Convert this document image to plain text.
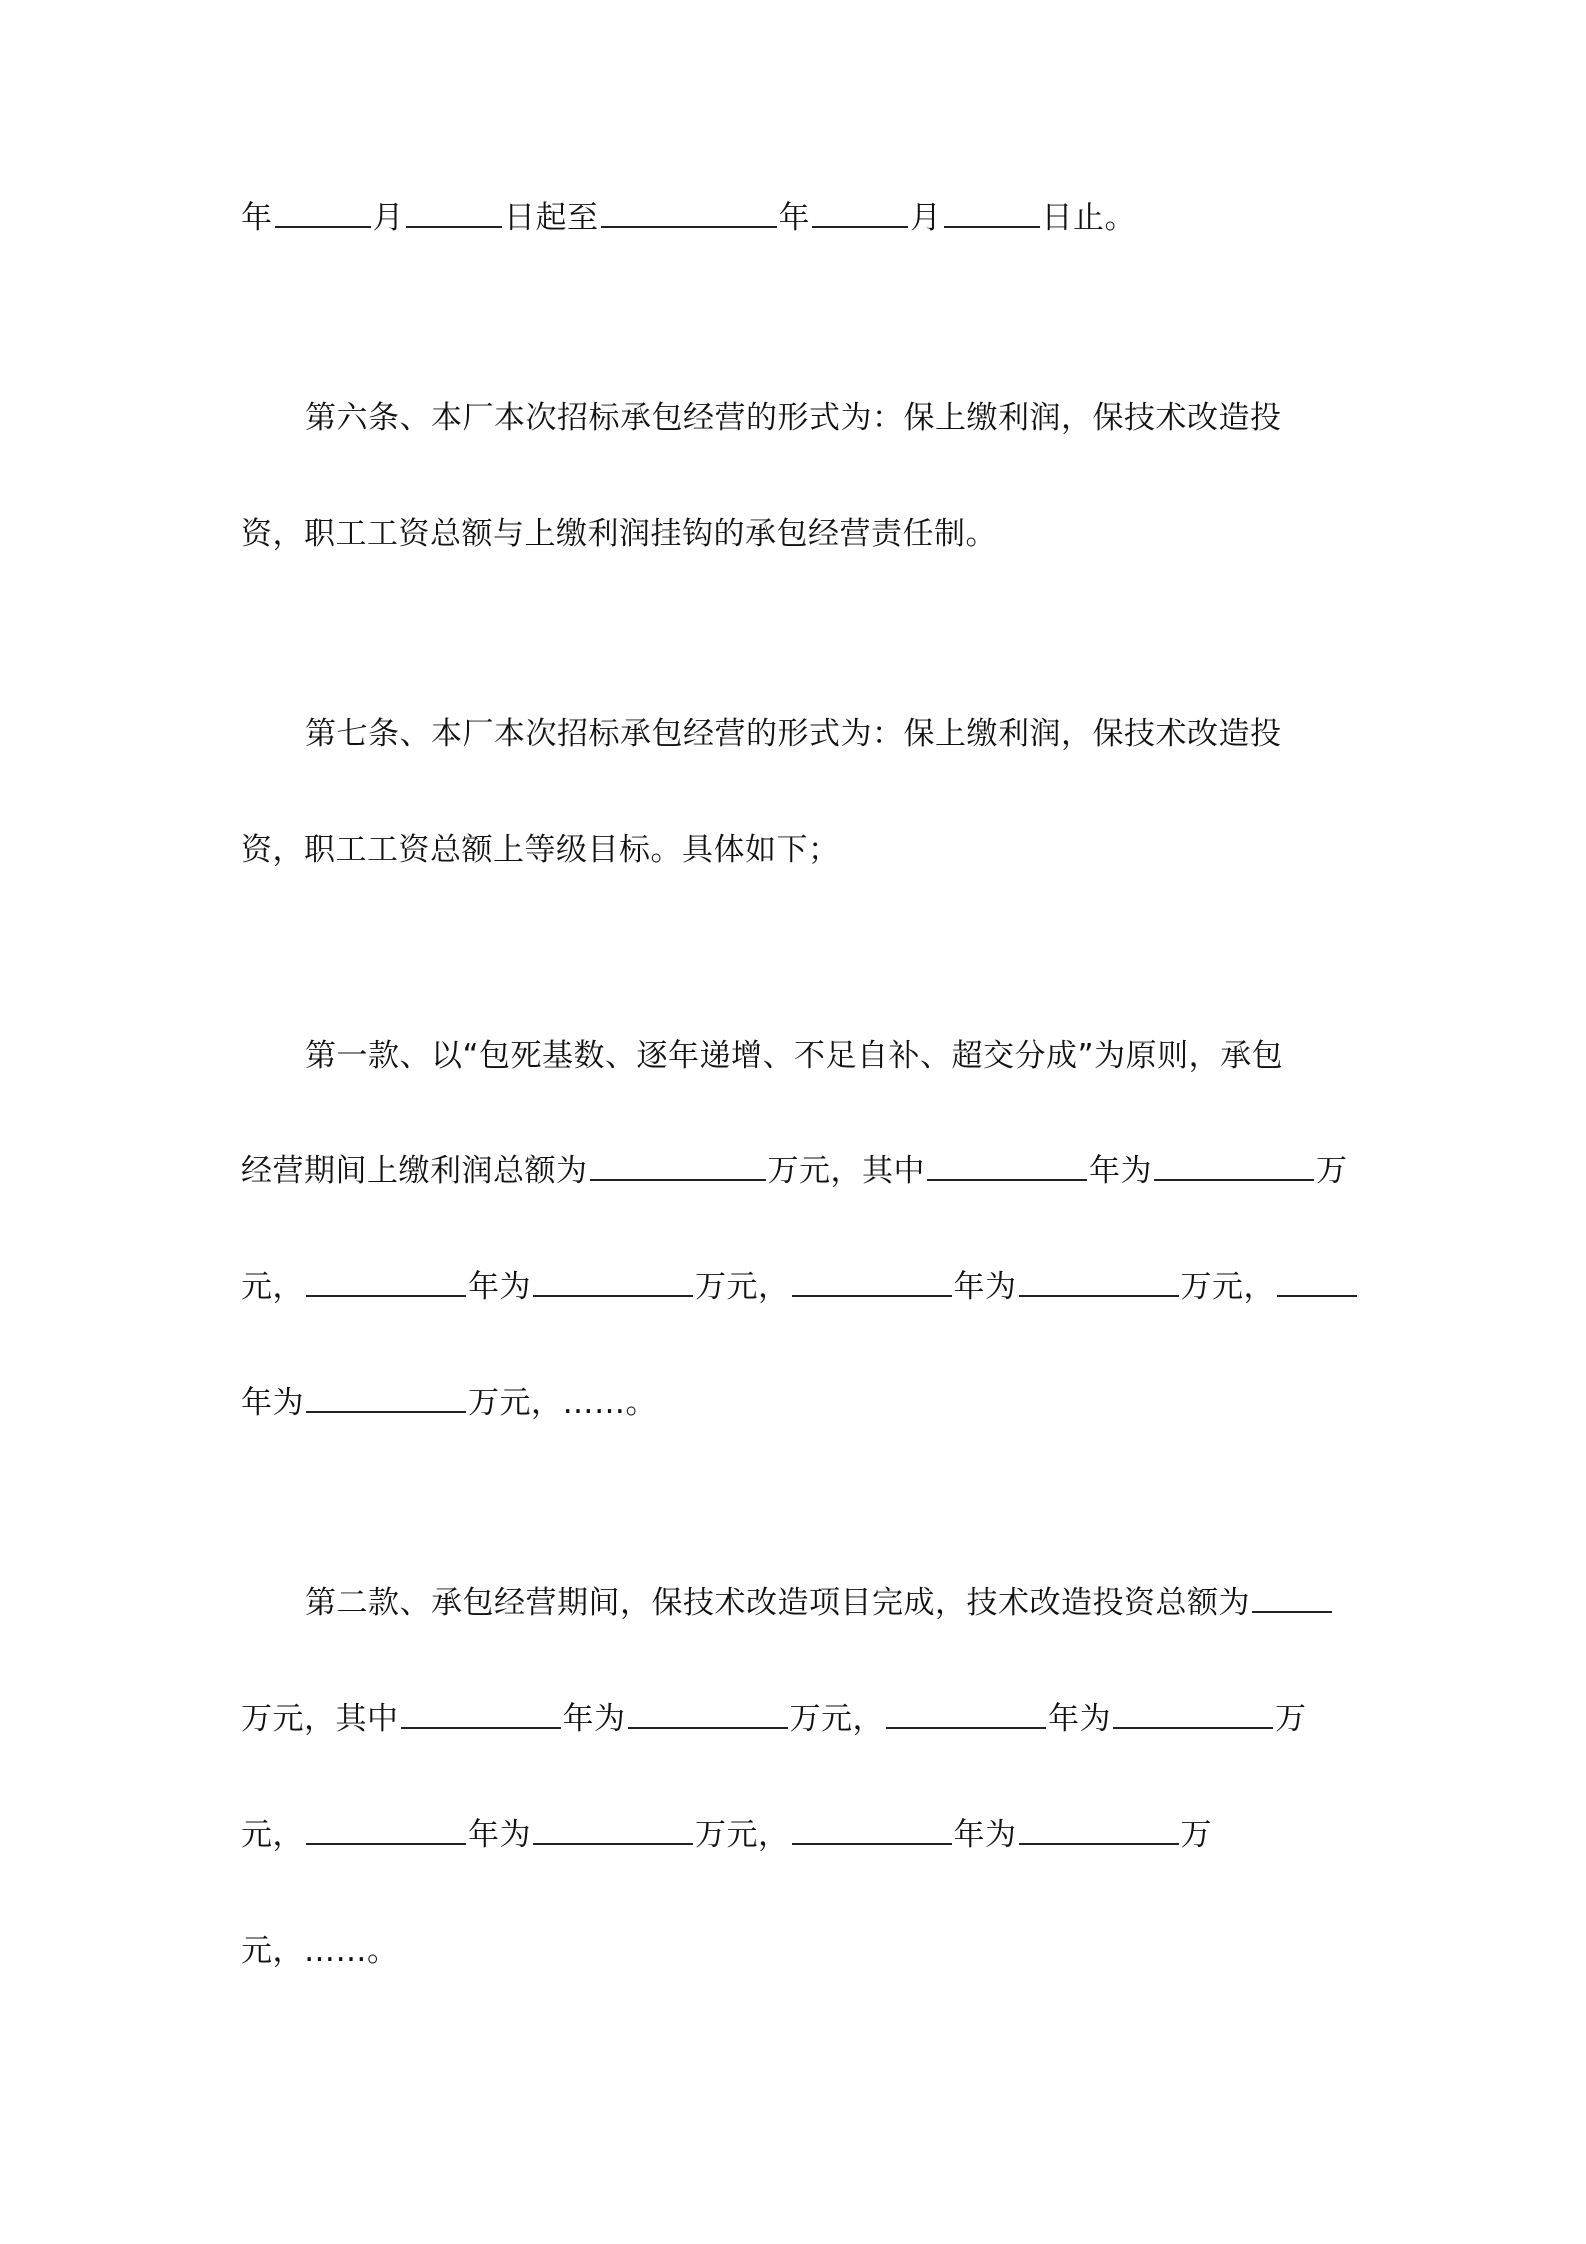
年	月	日起至	年	月	日止。
第六条、本厂本次招标承包经营的形式为：保上缴利润，保技术改造投
资，职工工资总额与上缴利润挂钩的承包经营责任制。
第七条、本厂本次招标承包经营的形式为：保上缴利润，保技术改造投
资，职工工资总额上等级目标。具体如下；
第一款、以“包死基数、逐年递增、不足自补、超交分成”为原则，承包
经营期间上缴利润总额为	万元，其中	年为	万
元，	年为	万元，	年为	万元，
年为	万元，……。
第二款、承包经营期间，保技术改造项目完成，技术改造投资总额为
万元，其中	年为	万元，	年为	万
元，	年为	万元，	年为	万
元，……。
